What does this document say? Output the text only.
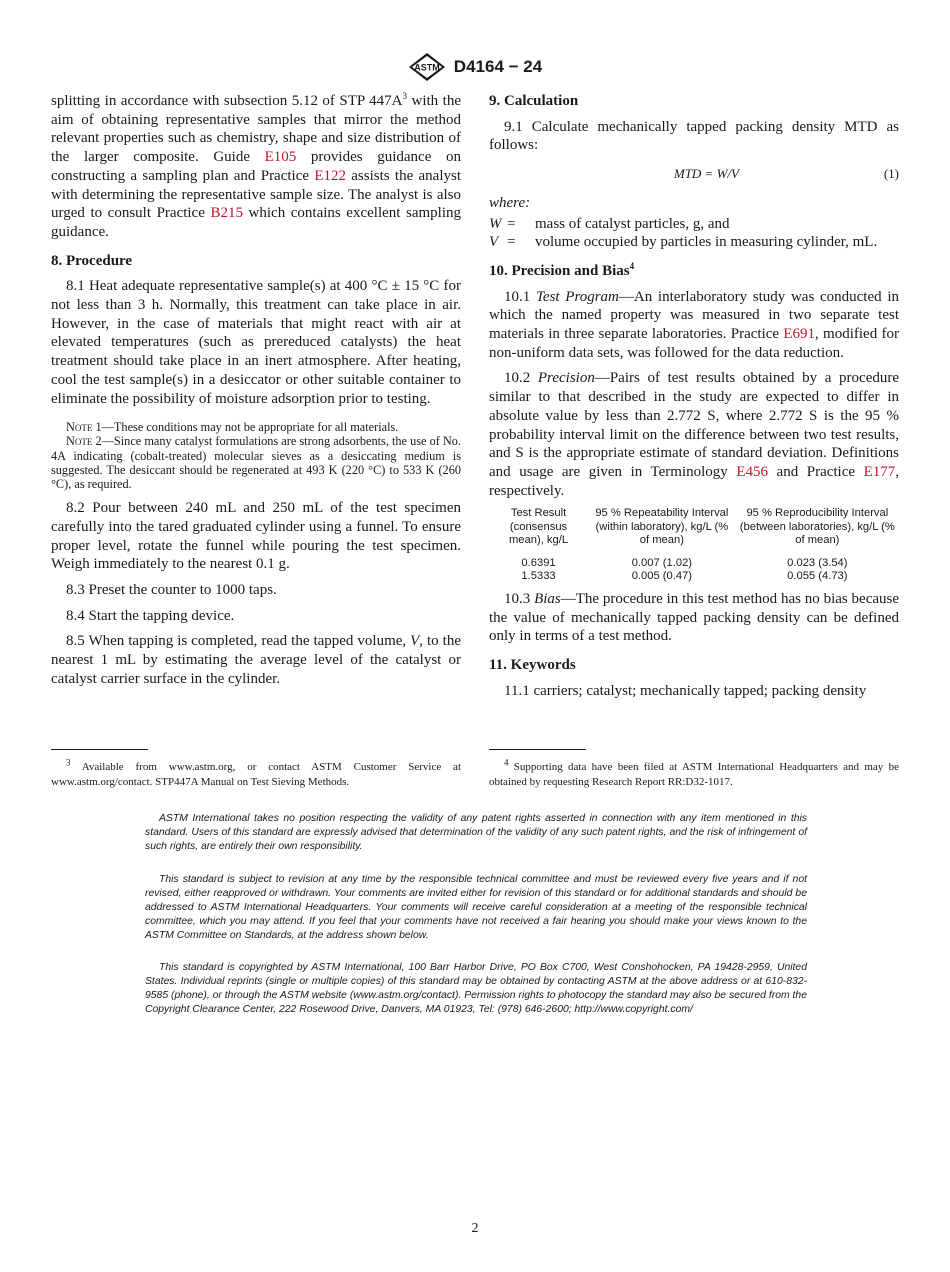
ASTM D4164 − 24

splitting in accordance with subsection 5.12 of STP $447A^3$ with the aim of obtaining representative samples that mirror the method relevant properties such as chemistry, shape and size distribution of the larger composite. Guide E105 provides guidance on constructing a sampling plan and Practice E122 assists the analyst with determining the representative sample size. The analyst is also urged to consult Practice B215 which contains excellent sampling guidance.

8. Procedure

8.1 Heat adequate representative sample(s) at 400 °C ± 15 °C for not less than 3 h. Normally, this treatment can take place in air. However, in the case of materials that might react with air at elevated temperatures (such as prereduced catalysts) the heat treatment should take place in an inert atmosphere. After heating, cool the test sample(s) in a desiccator or other suitable container to eliminate the possibility of moisture adsorption prior to testing.

Note 1—These conditions may not be appropriate for all materials.

Note 2—Since many catalyst formulations are strong adsorbents, the use of No. 4A indicating (cobalt-treated) molecular sieves as a desiccating medium is suggested. The desiccant should be regenerated at 493 K (220 °C) to 533 K (260 °C), as required.

8.2 Pour between 240 mL and 250 mL of the test specimen carefully into the tared graduated cylinder using a funnel. To ensure proper level, rotate the funnel while pouring the test specimen. Weigh immediately to the nearest 0.1 g.

8.3 Preset the counter to 1000 taps.

8.4 Start the tapping device.

8.5 When tapping is completed, read the tapped volume, V, to the nearest 1 mL by estimating the average level of the catalyst or catalyst carrier surface in the cylinder.

9. Calculation

9.1 Calculate mechanically tapped packing density MTD as follows:

MTD = W/V	(1)

where:

W =	mass of catalyst particles, g, and
V =	volume occupied by particles in measuring cylinder, mL.
10. Precision and Bias$^4$

10.1 Test Program—An interlaboratory study was conducted in which the named property was measured in two separate test materials in three separate laboratories. Practice E691, modified for non-uniform data sets, was followed for the data reduction.

10.2 Precision—Pairs of test results obtained by a procedure similar to that described in the study are expected to differ in absolute value by less than 2.772 S, where 2.772 S is the 95 % probability interval limit on the difference between two test results, and S is the appropriate estimate of standard deviation. Definitions and usage are given in Terminology E456 and Practice E177, respectively.

Test Result (consensus mean), kg/L	95 % Repeatability Interval (within laboratory), kg/L (% of mean)	95 % Reproducibility Interval (between laboratories), kg/L (% of mean)
0.6391	0.007 (1.02)	0.023 (3.54)
1.5333	0.005 (0.47)	0.055 (4.73)

10.3 Bias—The procedure in this test method has no bias because the value of mechanically tapped packing density can be defined only in terms of a test method.

11. Keywords

11.1 carriers; catalyst; mechanically tapped; packing density

$^3$ Available from www.astm.org, or contact ASTM Customer Service at www.astm.org/contact. STP447A Manual on Test Sieving Methods.
$^4$ Supporting data have been filed at ASTM International Headquarters and may be obtained by requesting Research Report RR:D32-1017.

ASTM International takes no position respecting the validity of any patent rights asserted in connection with any item mentioned in this standard. Users of this standard are expressly advised that determination of the validity of any such patent rights, and the risk of infringement of such rights, are entirely their own responsibility.

This standard is subject to revision at any time by the responsible technical committee and must be reviewed every five years and if not revised, either reapproved or withdrawn. Your comments are invited either for revision of this standard or for additional standards and should be addressed to ASTM International Headquarters. Your comments will receive careful consideration at a meeting of the responsible technical committee, which you may attend. If you feel that your comments have not received a fair hearing you should make your views known to the ASTM Committee on Standards, at the address shown below.

This standard is copyrighted by ASTM International, 100 Barr Harbor Drive, PO Box C700, West Conshohocken, PA 19428-2959, United States. Individual reprints (single or multiple copies) of this standard may be obtained by contacting ASTM at the above address or at 610-832-9585 (phone), or through the ASTM website (www.astm.org/contact). Permission rights to photocopy the standard may also be secured from the Copyright Clearance Center, 222 Rosewood Drive, Danvers, MA 01923, Tel: (978) 646-2600; http://www.copyright.com/

2
